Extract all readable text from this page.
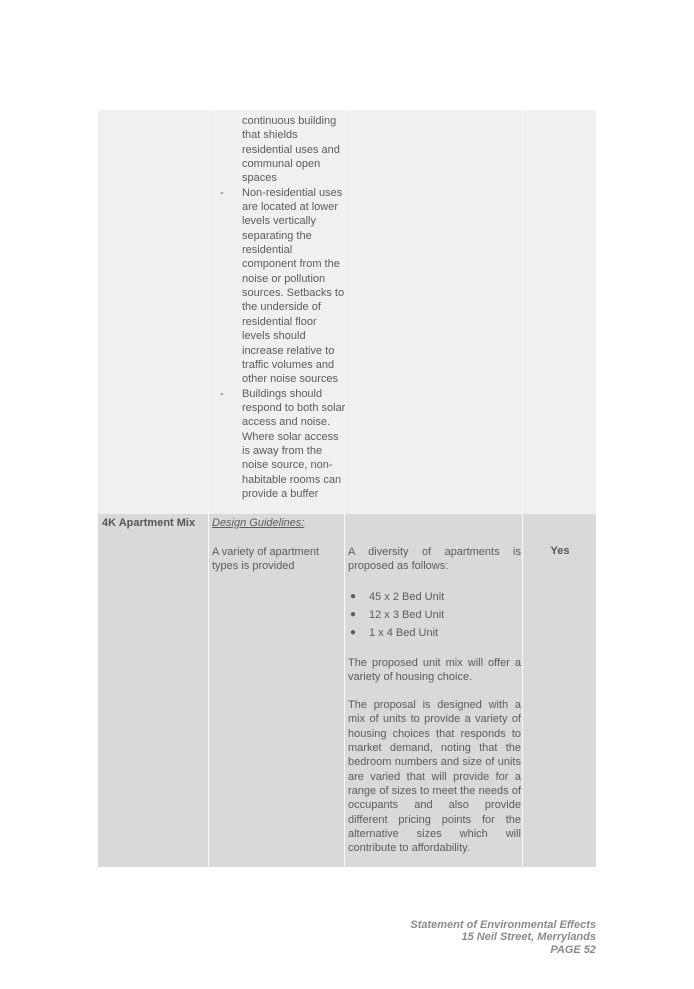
continuous building that shields residential uses and communal open spaces
- Non-residential uses are located at lower levels vertically separating the residential component from the noise or pollution sources. Setbacks to the underside of residential floor levels should increase relative to traffic volumes and other noise sources
- Buildings should respond to both solar access and noise. Where solar access is away from the noise source, non-habitable rooms can provide a buffer
4K Apartment Mix Design Guidelines:
A variety of apartment types is provided

A diversity of apartments is proposed as follows:

● 45 x 2 Bed Unit
● 12 x 3 Bed Unit
● 1 x 4 Bed Unit

The proposed unit mix will offer a variety of housing choice.

The proposal is designed with a mix of units to provide a variety of housing choices that responds to market demand, noting that the bedroom numbers and size of units are varied that will provide for a range of sizes to meet the needs of occupants and also provide different pricing points for the alternative sizes which will contribute to affordability.

Yes
Statement of Environmental Effects
15 Neil Street, Merrylands
PAGE 52
